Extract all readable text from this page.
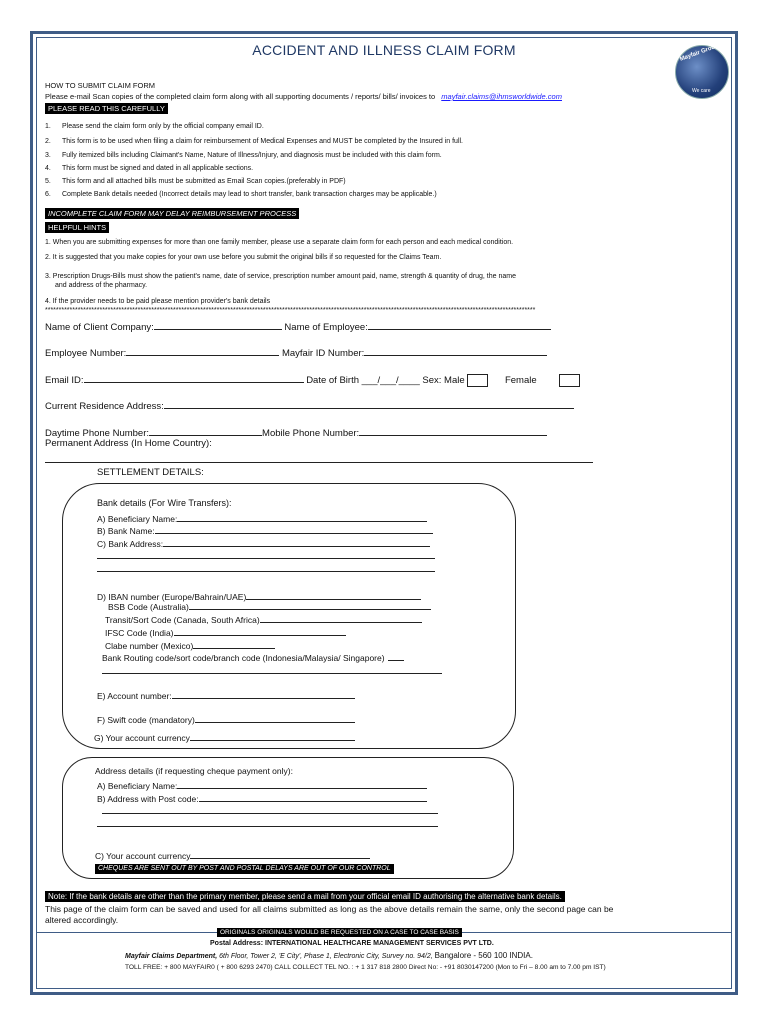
ACCIDENT AND ILLNESS CLAIM FORM	Mayfair Group
We care
HOW TO SUBMIT CLAIM FORM
Please e-mail Scan copies of the completed claim form along with all supporting documents / reports/ bills/ invoices to mayfair.claims@ihmsworldwide.com
PLEASE READ THIS CAREFULLY
1. Please send the claim form only by the official company email ID.
2. This form is to be used when filing a claim for reimbursement of Medical Expenses and MUST be completed by the Insured in full.
3. Fully itemized bills including Claimant's Name, Nature of Illness/Injury, and diagnosis must be included with this claim form.
4. This form must be signed and dated in all applicable sections.
5. This form and all attached bills must be submitted as Email Scan copies.(preferably in PDF)
6. Complete Bank details needed (Incorrect details may lead to short transfer, bank transaction charges may be applicable.)
INCOMPLETE CLAIM FORM MAY DELAY REIMBURSEMENT PROCESS
HELPFUL HINTS
1. When you are submitting expenses for more than one family member, please use a separate claim form for each person and each medical condition.
2. It is suggested that you make copies for your own use before you submit the original bills if so requested for the Claims Team.
3. Prescription Drugs-Bills must show the patient's name, date of service, prescription number amount paid, name, strength & quantity of drug, the name
and address of the pharmacy.
4. If the provider needs to be paid please mention provider's bank details
************************************************************************************************************************************************************************************
Name of Client Company:	Name of Employee:
Employee Number:	Mayfair ID Number:
Email ID:	Date of Birth ___/___/____ Sex: Male	Female
Current Residence Address:
Daytime Phone Number:	Mobile Phone Number:
Permanent Address (In Home Country):
SETTLEMENT DETAILS:
Bank details (For Wire Transfers):
A) Beneficiary Name:
B) Bank Name:
C) Bank Address:
D) IBAN number (Europe/Bahrain/UAE)
BSB Code (Australia)
Transit/Sort Code (Canada, South Africa)
IFSC Code (India)
Clabe number (Mexico)
Bank Routing code/sort code/branch code (Indonesia/Malaysia/ Singapore)
E) Account number:
F) Swift code (mandatory)
G) Your account currency
Address details (if requesting cheque payment only):
A) Beneficiary Name:
B) Address with Post code:
C) Your account currency
CHEQUES ARE SENT OUT BY POST AND POSTAL DELAYS ARE OUT OF OUR CONTROL
Note: If the bank details are other than the primary member, please send a mail from your official email ID authorising the alternative bank details.
This page of the claim form can be saved and used for all claims submitted as long as the above details remain the same, only the second page can be
altered accordingly.
ORIGINALS ORIGINALS WOULD BE REQUESTED ON A CASE TO CASE BASIS
Postal Address: INTERNATIONAL HEALTHCARE MANAGEMENT SERVICES PVT LTD.
Mayfair Claims Department, 6th Floor, Tower 2, 'E City', Phase 1, Electronic City, Survey no. 94/2, Bangalore - 560 100 INDIA.
TOLL FREE: + 800 MAYFAIR0 ( + 800 6293 2470) CALL COLLECT TEL NO. : + 1 317 818 2800 Direct No: - +91 8030147200 (Mon to Fri – 8.00 am to 7.00 pm IST)
